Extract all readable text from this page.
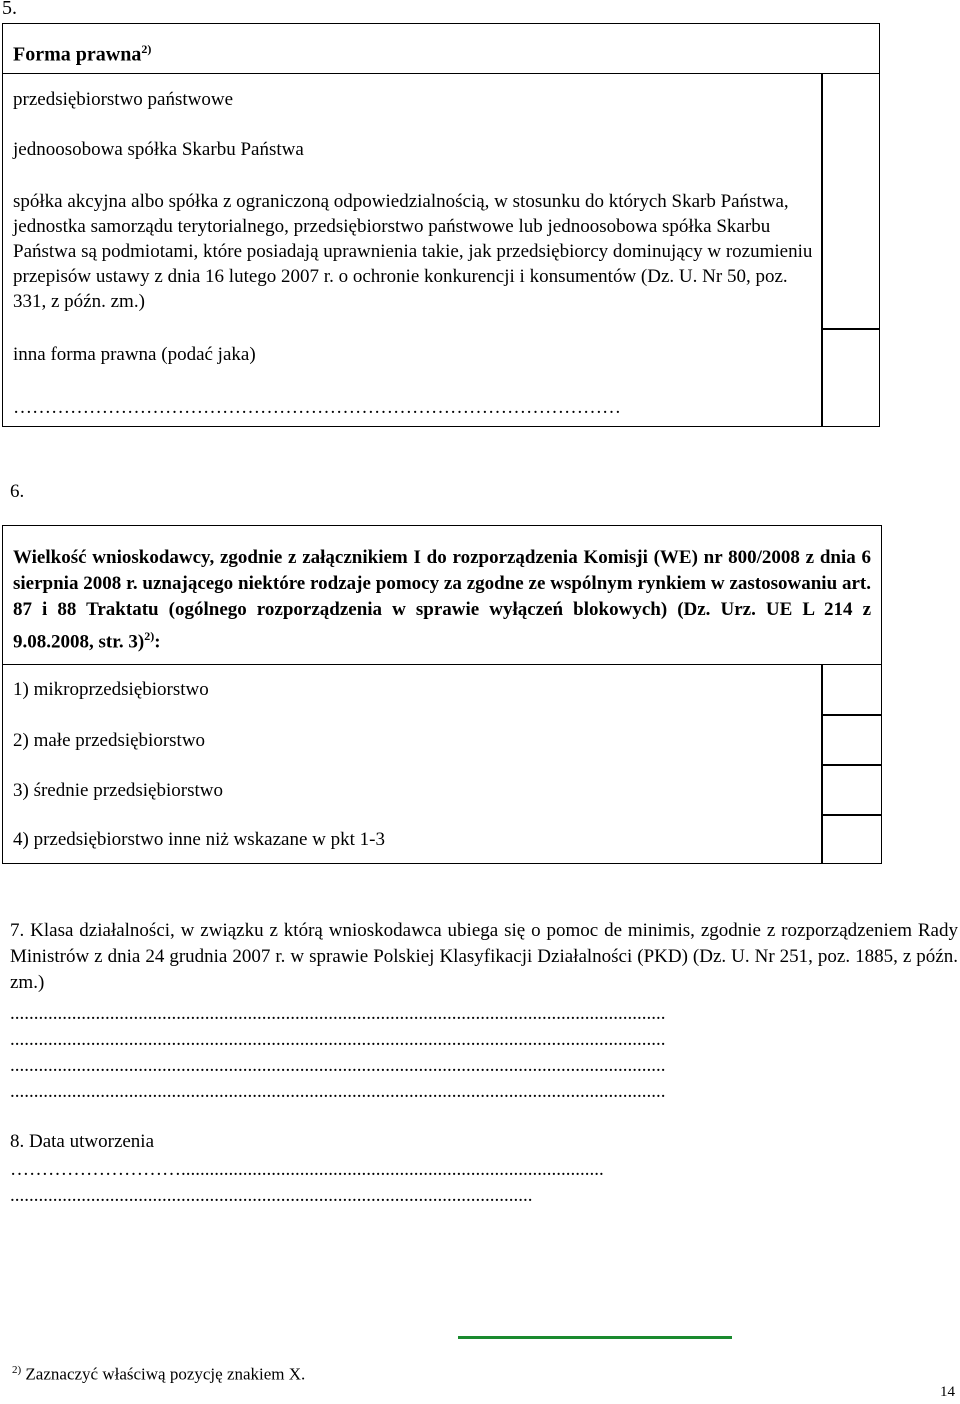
5.
Forma prawna$^{2)}$
przedsiębiorstwo państwowe
jednoosobowa spółka Skarbu Państwa
spółka akcyjna albo spółka z ograniczoną odpowiedzialnością, w stosunku do których Skarb Państwa, jednostka samorządu terytorialnego, przedsiębiorstwo państwowe lub jednoosobowa spółka Skarbu Państwa są podmiotami, które posiadają uprawnienia takie, jak przedsiębiorcy dominujący w rozumieniu przepisów ustawy z dnia 16 lutego 2007 r. o ochronie konkurencji i konsumentów (Dz. U. Nr 50, poz. 331, z późn. zm.)
inna forma prawna (podać jaka)
……………………………………………………………………………………
6.
Wielkość wnioskodawcy, zgodnie z załącznikiem I do rozporządzenia Komisji (WE) nr 800/2008 z dnia 6 sierpnia 2008 r. uznającego niektóre rodzaje pomocy za zgodne ze wspólnym rynkiem w zastosowaniu art. 87 i 88 Traktatu (ogólnego rozporządzenia w sprawie wyłączeń blokowych) (Dz. Urz. UE L 214 z 9.08.2008, str. 3)$^{2)}$:
1) mikroprzedsiębiorstwo
2) małe przedsiębiorstwo
3) średnie przedsiębiorstwo
4) przedsiębiorstwo inne niż wskazane w pkt 1-3
7. Klasa działalności, w związku z którą wnioskodawca ubiega się o pomoc de minimis, zgodnie z rozporządzeniem Rady Ministrów z dnia 24 grudnia 2007 r. w sprawie Polskiej Klasyfikacji Działalności (PKD) (Dz. U. Nr 251, poz. 1885, z późn. zm.)
..........................................................................................................................................
..........................................................................................................................................
..........................................................................................................................................
..........................................................................................................................................
8. Data utworzenia
……………………….........................................................................................
..............................................................................................................
$^{2)}$ Zaznaczyć właściwą pozycję znakiem X.
14
